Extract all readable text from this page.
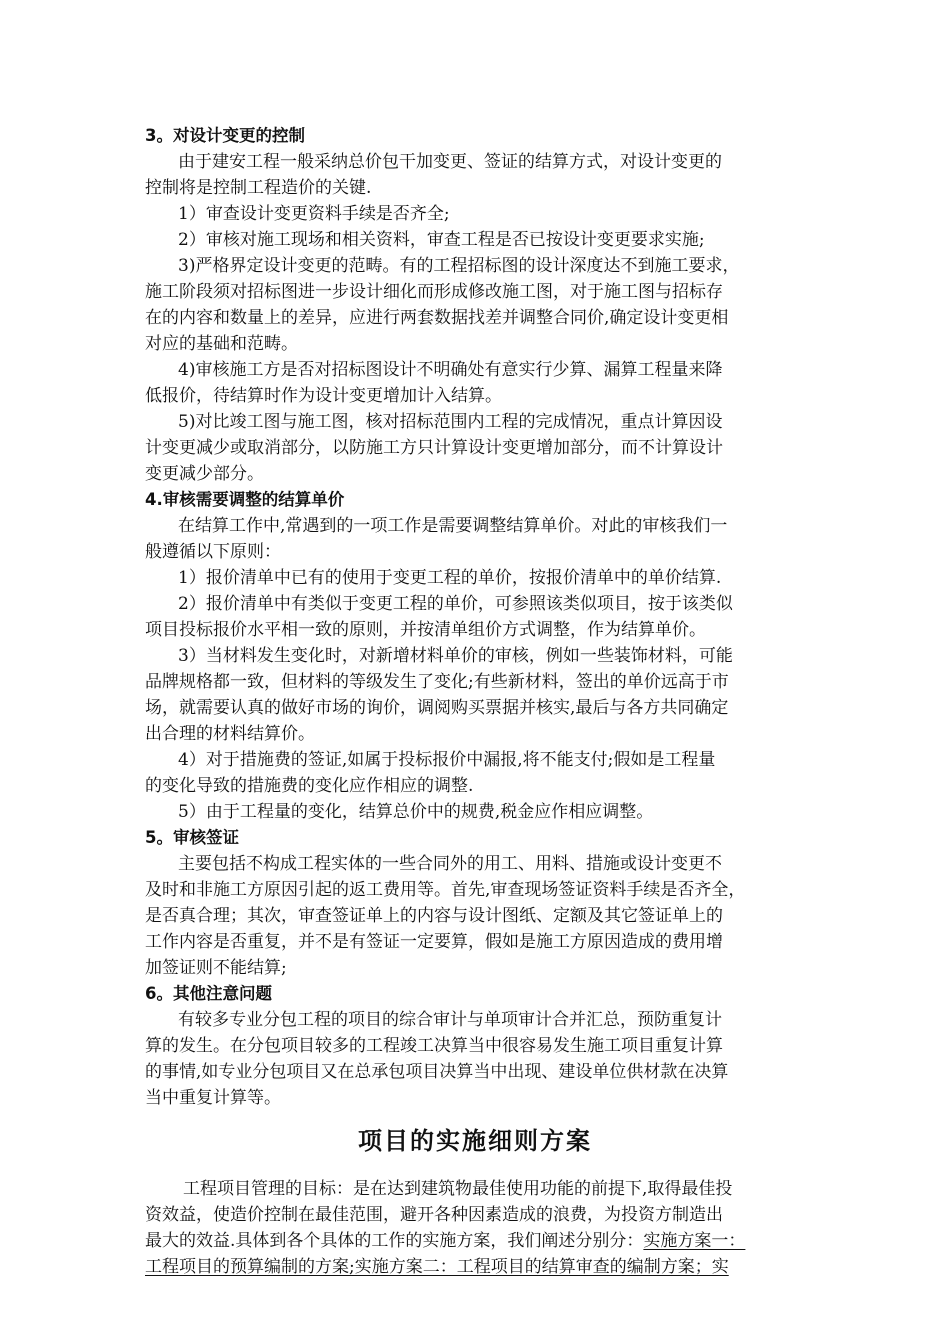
3。对设计变更的控制
由于建安工程一般采纳总价包干加变更、签证的结算方式，对设计变更的
控制将是控制工程造价的关键.
1）审查设计变更资料手续是否齐全;
2）审核对施工现场和相关资料，审查工程是否已按设计变更要求实施;
3)严格界定设计变更的范畴。有的工程招标图的设计深度达不到施工要求，
施工阶段须对招标图进一步设计细化而形成修改施工图，对于施工图与招标存
在的内容和数量上的差异，应进行两套数据找差并调整合同价,确定设计变更相
对应的基础和范畴。
4)审核施工方是否对招标图设计不明确处有意实行少算、漏算工程量来降
低报价，待结算时作为设计变更增加计入结算。
5)对比竣工图与施工图，核对招标范围内工程的完成情况，重点计算因设
计变更减少或取消部分，以防施工方只计算设计变更增加部分，而不计算设计
变更减少部分。
4.审核需要调整的结算单价
在结算工作中,常遇到的一项工作是需要调整结算单价。对此的审核我们一
般遵循以下原则：
1）报价清单中已有的使用于变更工程的单价，按报价清单中的单价结算.
2）报价清单中有类似于变更工程的单价，可参照该类似项目，按于该类似
项目投标报价水平相一致的原则，并按清单组价方式调整，作为结算单价。
3）当材料发生变化时，对新增材料单价的审核，例如一些装饰材料，可能
品牌规格都一致，但材料的等级发生了变化;有些新材料，签出的单价远高于市
场，就需要认真的做好市场的询价，调阅购买票据并核实,最后与各方共同确定
出合理的材料结算价。
4）对于措施费的签证,如属于投标报价中漏报,将不能支付;假如是工程量
的变化导致的措施费的变化应作相应的调整.
5）由于工程量的变化，结算总价中的规费,税金应作相应调整。
5。审核签证
主要包括不构成工程实体的一些合同外的用工、用料、措施或设计变更不
及时和非施工方原因引起的返工费用等。首先,审查现场签证资料手续是否齐全，
是否真合理；其次，审查签证单上的内容与设计图纸、定额及其它签证单上的
工作内容是否重复，并不是有签证一定要算，假如是施工方原因造成的费用增
加签证则不能结算;
6。其他注意问题
有较多专业分包工程的项目的综合审计与单项审计合并汇总，预防重复计
算的发生。在分包项目较多的工程竣工决算当中很容易发生施工项目重复计算
的事情,如专业分包项目又在总承包项目决算当中出现、建设单位供材款在决算
当中重复计算等。
项目的实施细则方案
工程项目管理的目标：是在达到建筑物最佳使用功能的前提下,取得最佳投
资效益，使造价控制在最佳范围，避开各种因素造成的浪费，为投资方制造出
最大的效益.具体到各个具体的工作的实施方案，我们阐述分别分：实施方案一：
工程项目的预算编制的方案;实施方案二：工程项目的结算审查的编制方案；实
